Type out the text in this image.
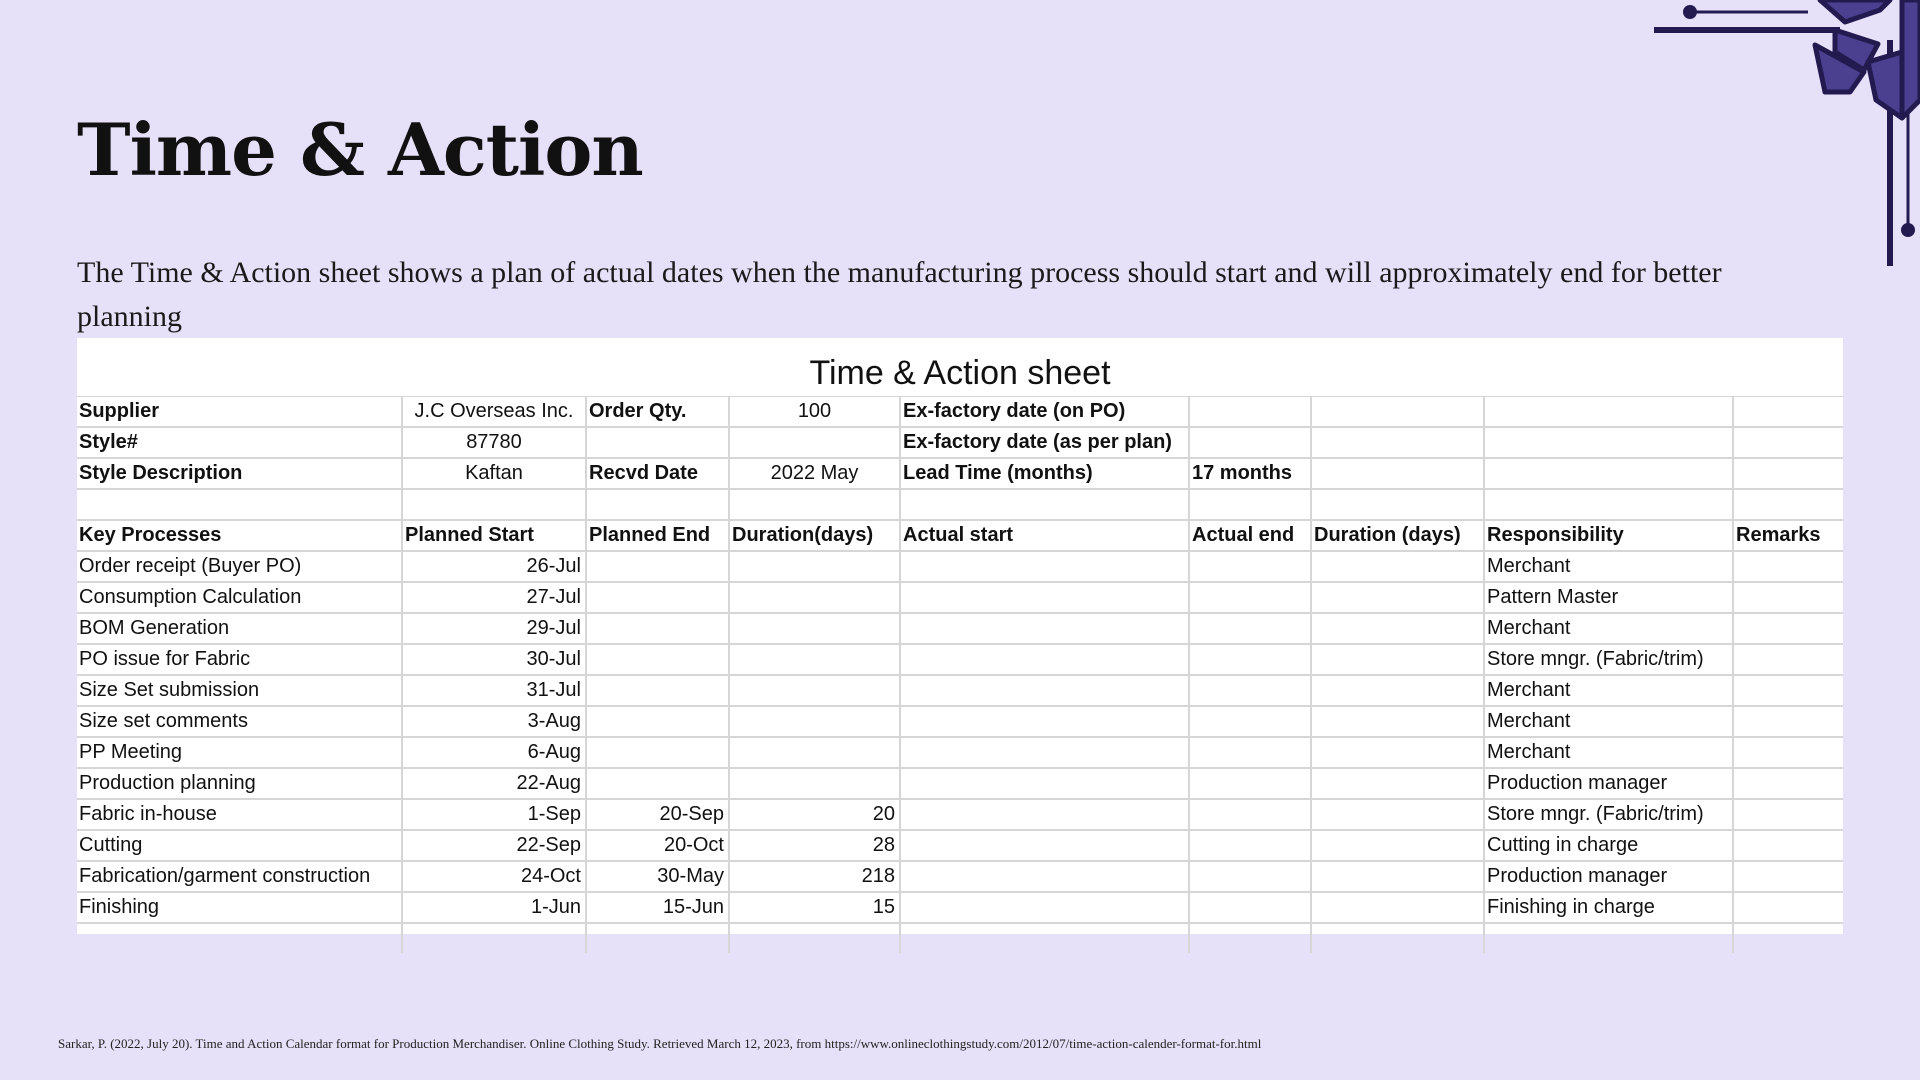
Time & Action

The Time & Action sheet shows a plan of actual dates when the manufacturing process should start and will approximately end for better planning

Time & Action sheet
Supplier	J.C Overseas Inc.	Order Qty.	100	Ex-factory date (on PO)				
Style#	87780			Ex-factory date (as per plan)				
Style Description	Kaftan	Recvd Date	2022 May	Lead Time (months)	17 months			

Key Processes	Planned Start	Planned End	Duration(days)	Actual start	Actual end	Duration (days)	Responsibility	Remarks
Order receipt (Buyer PO)	26-Jul						Merchant	
Consumption Calculation	27-Jul						Pattern Master	
BOM Generation	29-Jul						Merchant	
PO issue for Fabric	30-Jul						Store mngr. (Fabric/trim)	
Size Set submission	31-Jul						Merchant	
Size set comments	3-Aug						Merchant	
PP Meeting	6-Aug						Merchant	
Production planning	22-Aug						Production manager	
Fabric in-house	1-Sep	20-Sep	20				Store mngr. (Fabric/trim)	
Cutting	22-Sep	20-Oct	28				Cutting in charge	
Fabrication/garment construction	24-Oct	30-May	218				Production manager	
Finishing	1-Jun	15-Jun	15				Finishing in charge	

Sarkar, P. (2022, July 20). Time and Action Calendar format for Production Merchandiser. Online Clothing Study. Retrieved March 12, 2023, from https://www.onlineclothingstudy.com/2012/07/time-action-calender-format-for.html
